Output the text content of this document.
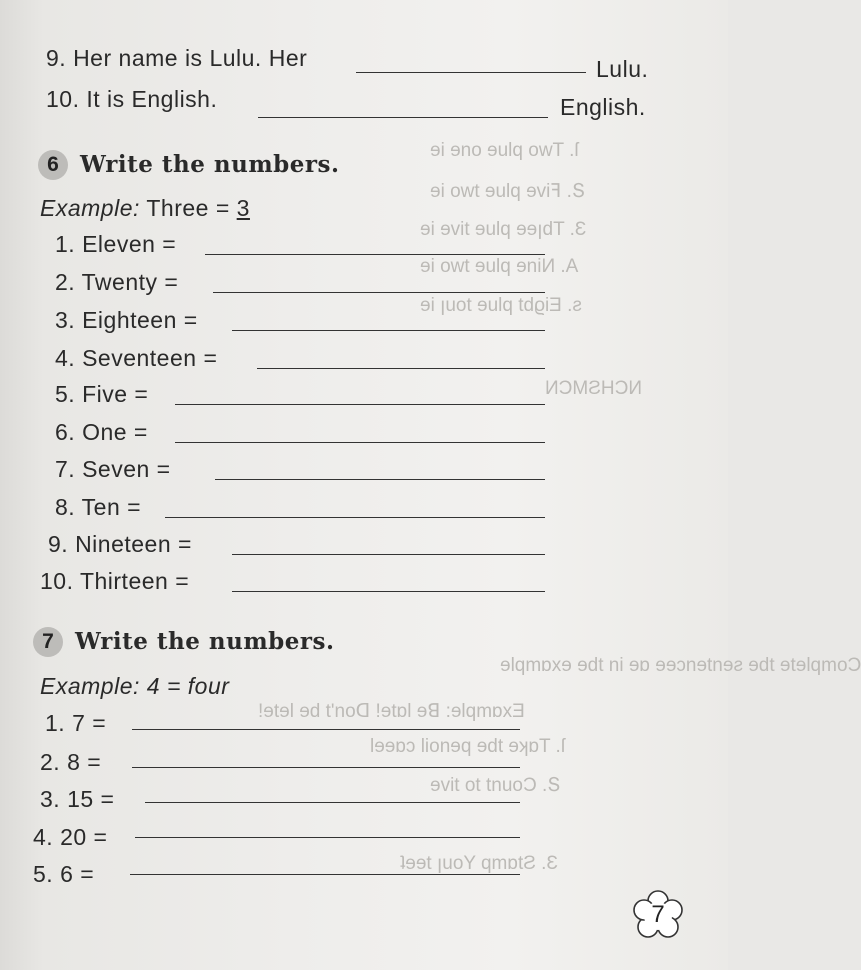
ɘi ɘno ɘulq owT .ſ
ɘi owt ɘulq ɘviꟻ .Տ
ɘi ɘvit ɘulq ɘɘꞁdT .Ɛ
ɘi owt ɘulq ɘniИ .A
ɘi ꞁuot ɘulq tdϱiƎ .ƨ
ИƆMƧHƆИ
ɘlqmɒxɘ ɘdt ni ɘɒ ɘɘɔnɘtnɘƨ ɘdt ɘtɘlqmoƆ
!ɘtɘl ɘd t'noᗡ !ɘtɒl ɘꓭ :ɘlqmɒxƎ
lɘɘɒɔ lionɘq ɘdt ɘʞɒT .ſ
ɘvit ot tnuoƆ .Տ
ʇɘɘt ꞁuoY qmɒtƧ .Ɛ
9. Her name is Lulu. Her	Lulu.
10. It is English.	English.
6 Write the numbers.
Example: Three = 3
1. Eleven =
2. Twenty =
3. Eighteen =
4. Seventeen =
5. Five =
6. One =
7. Seven =
8. Ten =
9. Nineteen =
10. Thirteen =
7 Write the numbers.
Example: 4 = four
1. 7 =
2. 8 =
3. 15 =
4. 20 =
5. 6 =
7
